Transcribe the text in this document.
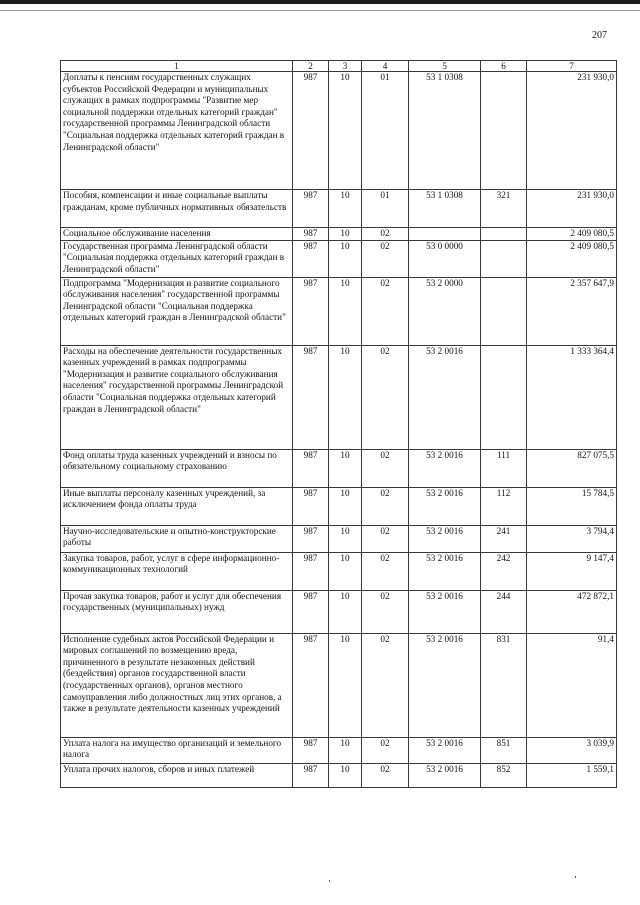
207
1	2	3	4	5	6	7
Доплаты к пенсиям государственных служащих субъектов Российской Федерации и муниципальных служащих в рамках подпрограммы "Развитие мер социальной поддержки отдельных категорий граждан" государственной программы Ленинградской области "Социальная поддержка отдельных категорий граждан в Ленинградской области"	987	10	01	53 1 0308		231 930,0
Пособия, компенсации и иные социальные выплаты гражданам, кроме публичных нормативных обязательств	987	10	01	53 1 0308	321	231 930,0
Социальное обслуживание населения	987	10	02			2 409 080,5
Государственная программа Ленинградской области "Социальная поддержка отдельных категорий граждан в Ленинградской области"	987	10	02	53 0 0000		2 409 080,5
Подпрограмма "Модернизация и развитие социального обслуживания населения" государственной программы Ленинградской области "Социальная поддержка отдельных категорий граждан в Ленинградской области"	987	10	02	53 2 0000		2 357 647,9
Расходы на обеспечение деятельности государственных казенных учреждений в рамках подпрограммы "Модернизация и развитие социального обслуживания населения" государственной программы Ленинградской области "Социальная поддержка отдельных категорий граждан в Ленинградской области"	987	10	02	53 2 0016		1 333 364,4
Фонд оплаты труда казенных учреждений и взносы по обязательному социальному страхованию	987	10	02	53 2 0016	111	827 075,5
Иные выплаты персоналу казенных учреждений, за исключением фонда оплаты труда	987	10	02	53 2 0016	112	15 784,5
Научно-исследовательские и опытно-конструкторские работы	987	10	02	53 2 0016	241	3 794,4
Закупка товаров, работ, услуг в сфере информационно-коммуникационных технологий	987	10	02	53 2 0016	242	9 147,4
Прочая закупка товаров, работ и услуг для обеспечения государственных (муниципальных) нужд	987	10	02	53 2 0016	244	472 872,1
Исполнение судебных актов Российской Федерации и мировых соглашений по возмещению вреда, причиненного в результате незаконных действий (бездействия) органов государственной власти (государственных органов), органов местного самоуправления либо должностных лиц этих органов, а также в результате деятельности казенных учреждений	987	10	02	53 2 0016	831	91,4
Уплата налога на имущество организаций и земельного налога	987	10	02	53 2 0016	851	3 039,9
Уплата прочих налогов, сборов и иных платежей	987	10	02	53 2 0016	852	1 559,1
